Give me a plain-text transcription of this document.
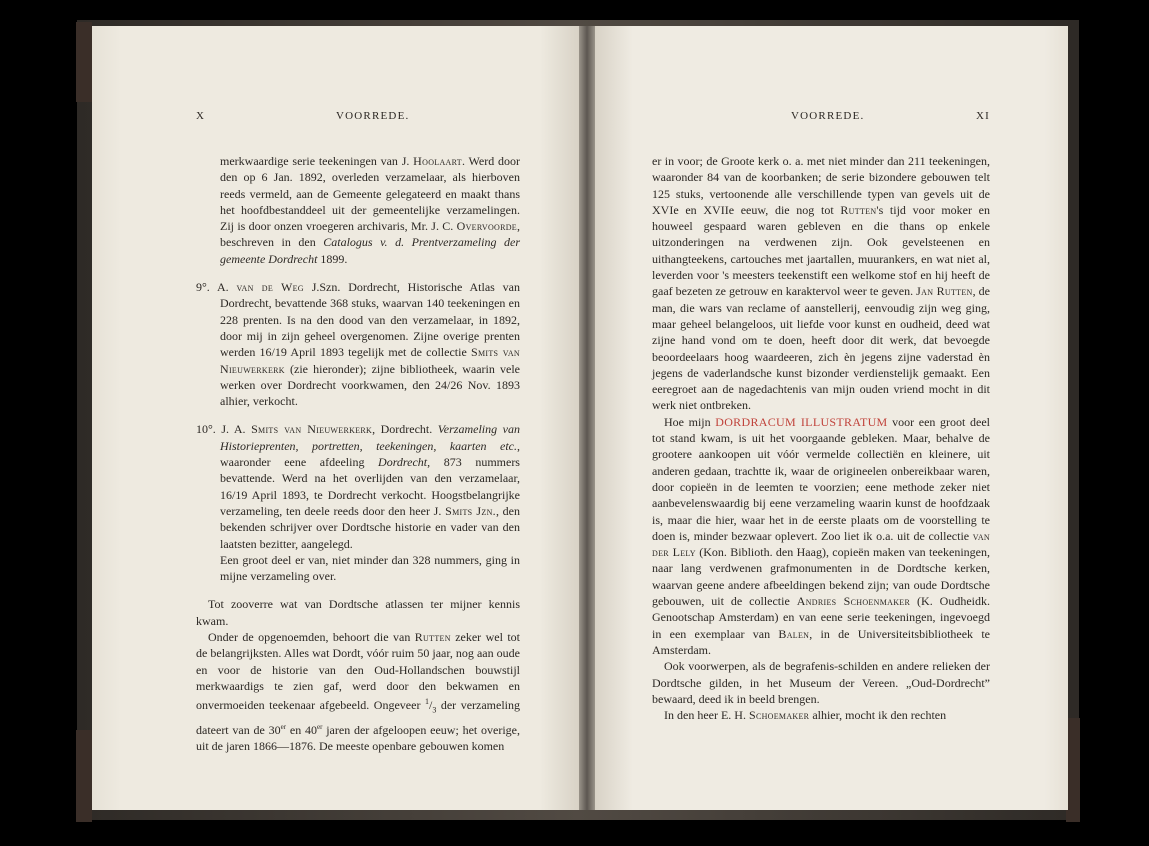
X	VOORREDE.

merkwaardige serie teekeningen van J. Hoolaart. Werd door den op 6 Jan. 1892, overleden verzamelaar, als hierboven reeds vermeld, aan de Gemeente gelegateerd en maakt thans het hoofdbestanddeel uit der gemeentelijke verzamelingen. Zij is door onzen vroegeren archivaris, Mr. J. C. Overvoorde, beschreven in den Catalogus v. d. Prentverzameling der gemeente Dordrecht 1899.

9°. A. van de Weg J.Szn. Dordrecht, Historische Atlas van Dordrecht, bevattende 368 stuks, waarvan 140 teekeningen en 228 prenten. Is na den dood van den verzamelaar, in 1892, door mij in zijn geheel overgenomen. Zijne overige prenten werden 16/19 April 1893 tegelijk met de collectie Smits van Nieuwerkerk (zie hieronder); zijne bibliotheek, waarin vele werken over Dordrecht voorkwamen, den 24/26 Nov. 1893 alhier, verkocht.

10°. J. A. Smits van Nieuwerkerk, Dordrecht. Verzameling van Historieprenten, portretten, teekeningen, kaarten etc., waaronder eene afdeeling Dordrecht, 873 nummers bevattende. Werd na het overlijden van den verzamelaar, 16/19 April 1893, te Dordrecht verkocht. Hoogstbelangrijke verzameling, ten deele reeds door den heer J. Smits Jzn., den bekenden schrijver over Dordtsche historie en vader van den laatsten bezitter, aangelegd.

Een groot deel er van, niet minder dan 328 nummers, ging in mijne verzameling over.

Tot zooverre wat van Dordtsche atlassen ter mijner kennis kwam.

Onder de opgenoemden, behoort die van Rutten zeker wel tot de belangrijksten. Alles wat Dordt, vóór ruim 50 jaar, nog aan oude en voor de historie van den Oud-Hollandschen bouwstijl merkwaardigs te zien gaf, werd door den bekwamen en onvermoeiden teekenaar afgebeeld. Ongeveer $^1/_3$ der verzameling dateert van de 30er en 40er jaren der afgeloopen eeuw; het overige, uit de jaren 1866—1876. De meeste openbare gebouwen komen

VOORREDE.	XI

er in voor; de Groote kerk o. a. met niet minder dan 211 teekeningen, waaronder 84 van de koorbanken; de serie bizondere gebouwen telt 125 stuks, vertoonende alle verschillende typen van gevels uit de XVIe en XVIIe eeuw, die nog tot Rutten's tijd voor moker en houweel gespaard waren gebleven en die thans op enkele uitzonderingen na verdwenen zijn. Ook gevelsteenen en uithangteekens, cartouches met jaartallen, muurankers, en wat niet al, leverden voor 's meesters teekenstift een welkome stof en hij heeft de gaaf bezeten ze getrouw en karaktervol weer te geven. Jan Rutten, de man, die wars van reclame of aanstellerij, eenvoudig zijn weg ging, maar geheel belangeloos, uit liefde voor kunst en oudheid, deed wat zijne hand vond om te doen, heeft door dit werk, dat bevoegde beoordeelaars hoog waardeeren, zich èn jegens zijne vaderstad èn jegens de vaderlandsche kunst bizonder verdienstelijk gemaakt. Een eeregroet aan de nagedachtenis van mijn ouden vriend mocht in dit werk niet ontbreken.

Hoe mijn DORDRACUM ILLUSTRATUM voor een groot deel tot stand kwam, is uit het voorgaande gebleken. Maar, behalve de grootere aankoopen uit vóór vermelde collectiën en kleinere, uit anderen gedaan, trachtte ik, waar de origineelen onbereikbaar waren, door copieën in de leemten te voorzien; eene methode zeker niet aanbevelenswaardig bij eene verzameling waarin kunst de hoofdzaak is, maar die hier, waar het in de eerste plaats om de voorstelling te doen is, minder bezwaar oplevert. Zoo liet ik o.a. uit de collectie van der Lely (Kon. Biblioth. den Haag), copieën maken van teekeningen, naar lang verdwenen grafmonumenten in de Dordtsche kerken, waarvan geene andere afbeeldingen bekend zijn; van oude Dordtsche gebouwen, uit de collectie Andries Schoenmaker (K. Oudheidk. Genootschap Amsterdam) en van eene serie teekeningen, ingevoegd in een exemplaar van Balen, in de Universiteitsbibliotheek te Amsterdam.

Ook voorwerpen, als de begrafenis-schilden en andere relieken der Dordtsche gilden, in het Museum der Vereen. „Oud-Dordrecht” bewaard, deed ik in beeld brengen.

In den heer E. H. Schoemaker alhier, mocht ik den rechten
